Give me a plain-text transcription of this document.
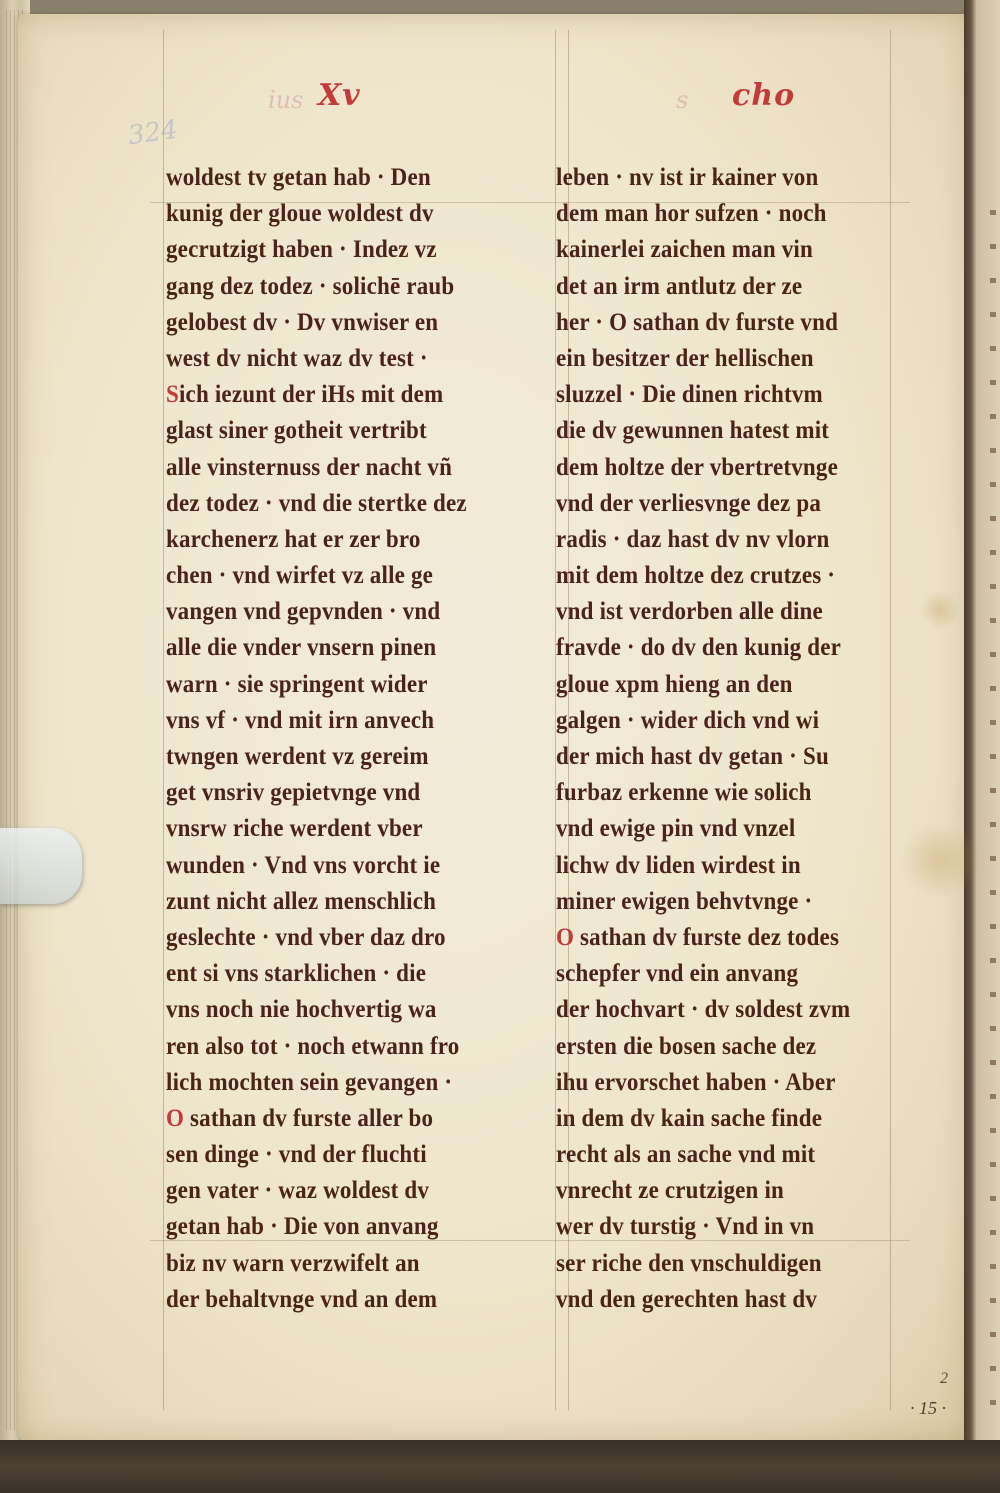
324
ius Xv	s cho
woldest tv getan hab · Den
kunig der gloue woldest dv
gecrutzigt haben · Indez vz
gang dez todez · solichē raub
gelobest dv · Dv vnwiser en
west dv nicht waz dv test ·
Sich iezunt der iHs mit dem
glast siner gotheit vertribt
alle vinsternuss der nacht vñ
dez todez · vnd die stertke dez
karchenerz hat er zer bro
chen · vnd wirfet vz alle ge
vangen vnd gepvnden · vnd
alle die vnder vnsern pinen
warn · sie springent wider
vns vf · vnd mit irn anvech
twngen werdent vz gereim
get vnsriv gepietvnge vnd
vnsrw riche werdent vber
wunden · Vnd vns vorcht ie
zunt nicht allez menschlich
geslechte · vnd vber daz dro
ent si vns starklichen · die
vns noch nie hochvertig wa
ren also tot · noch etwann fro
lich mochten sein gevangen ·
O sathan dv furste aller bo
sen dinge · vnd der fluchti
gen vater · waz woldest dv
getan hab · Die von anvang
biz nv warn verzwifelt an
der behaltvnge vnd an dem
leben · nv ist ir kainer von
dem man hor sufzen · noch
kainerlei zaichen man vin
det an irm antlutz der ze
her · O sathan dv furste vnd
ein besitzer der hellischen
sluzzel · Die dinen richtvm
die dv gewunnen hatest mit
dem holtze der vbertretvnge
vnd der verliesvnge dez pa
radis · daz hast dv nv vlorn
mit dem holtze dez crutzes ·
vnd ist verdorben alle dine
fravde · do dv den kunig der
gloue xpm hieng an den
galgen · wider dich vnd wi
der mich hast dv getan · Su
furbaz erkenne wie solich
vnd ewige pin vnd vnzel
lichw dv liden wirdest in
miner ewigen behvtvnge ·
O sathan dv furste dez todes
schepfer vnd ein anvang
der hochvart · dv soldest zvm
ersten die bosen sache dez
ihu ervorschet haben · Aber
in dem dv kain sache finde
recht als an sache vnd mit
vnrecht ze crutzigen in
wer dv turstig · Vnd in vn
ser riche den vnschuldigen
vnd den gerechten hast dv
2
· 15 ·
